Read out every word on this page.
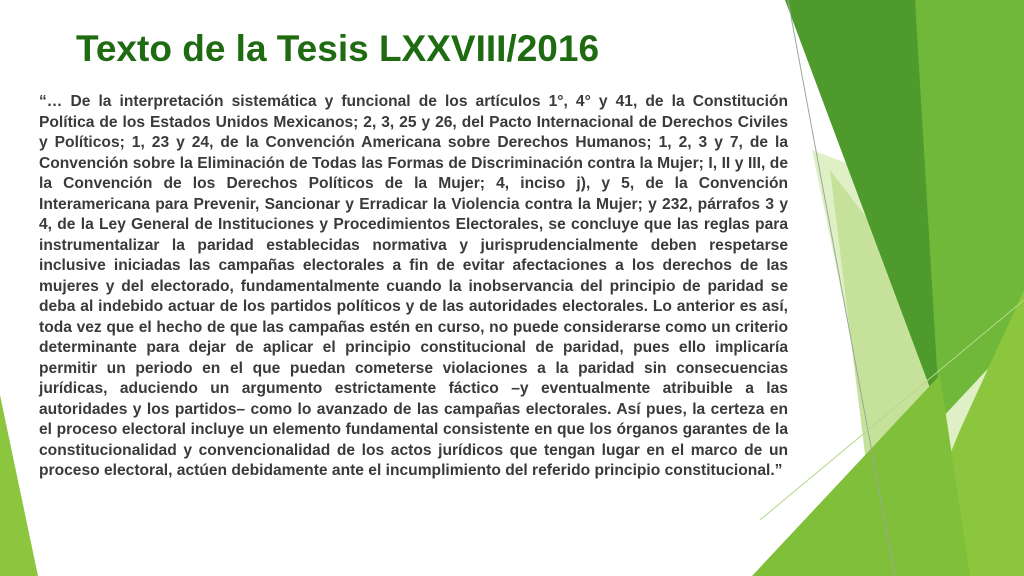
Texto de la Tesis LXXVIII/2016

“… De la interpretación sistemática y funcional de los artículos 1°, 4° y 41, de la Constitución Política de los Estados Unidos Mexicanos; 2, 3, 25 y 26, del Pacto Internacional de Derechos Civiles y Políticos; 1, 23 y 24, de la Convención Americana sobre Derechos Humanos; 1, 2, 3 y 7, de la Convención sobre la Eliminación de Todas las Formas de Discriminación contra la Mujer; I, II y III, de la Convención de los Derechos Políticos de la Mujer; 4, inciso j), y 5, de la Convención Interamericana para Prevenir, Sancionar y Erradicar la Violencia contra la Mujer; y 232, párrafos 3 y 4, de la Ley General de Instituciones y Procedimientos Electorales, se concluye que las reglas para instrumentalizar la paridad establecidas normativa y jurisprudencialmente deben respetarse inclusive iniciadas las campañas electorales a fin de evitar afectaciones a los derechos de las mujeres y del electorado, fundamentalmente cuando la inobservancia del principio de paridad se deba al indebido actuar de los partidos políticos y de las autoridades electorales. Lo anterior es así, toda vez que el hecho de que las campañas estén en curso, no puede considerarse como un criterio determinante para dejar de aplicar el principio constitucional de paridad, pues ello implicaría permitir un periodo en el que puedan cometerse violaciones a la paridad sin consecuencias jurídicas, aduciendo un argumento estrictamente fáctico –y eventualmente atribuible a las autoridades y los partidos– como lo avanzado de las campañas electorales. Así pues, la certeza en el proceso electoral incluye un elemento fundamental consistente en que los órganos garantes de la constitucionalidad y convencionalidad de los actos jurídicos que tengan lugar en el marco de un proceso electoral, actúen debidamente ante el incumplimiento del referido principio constitucional.”
